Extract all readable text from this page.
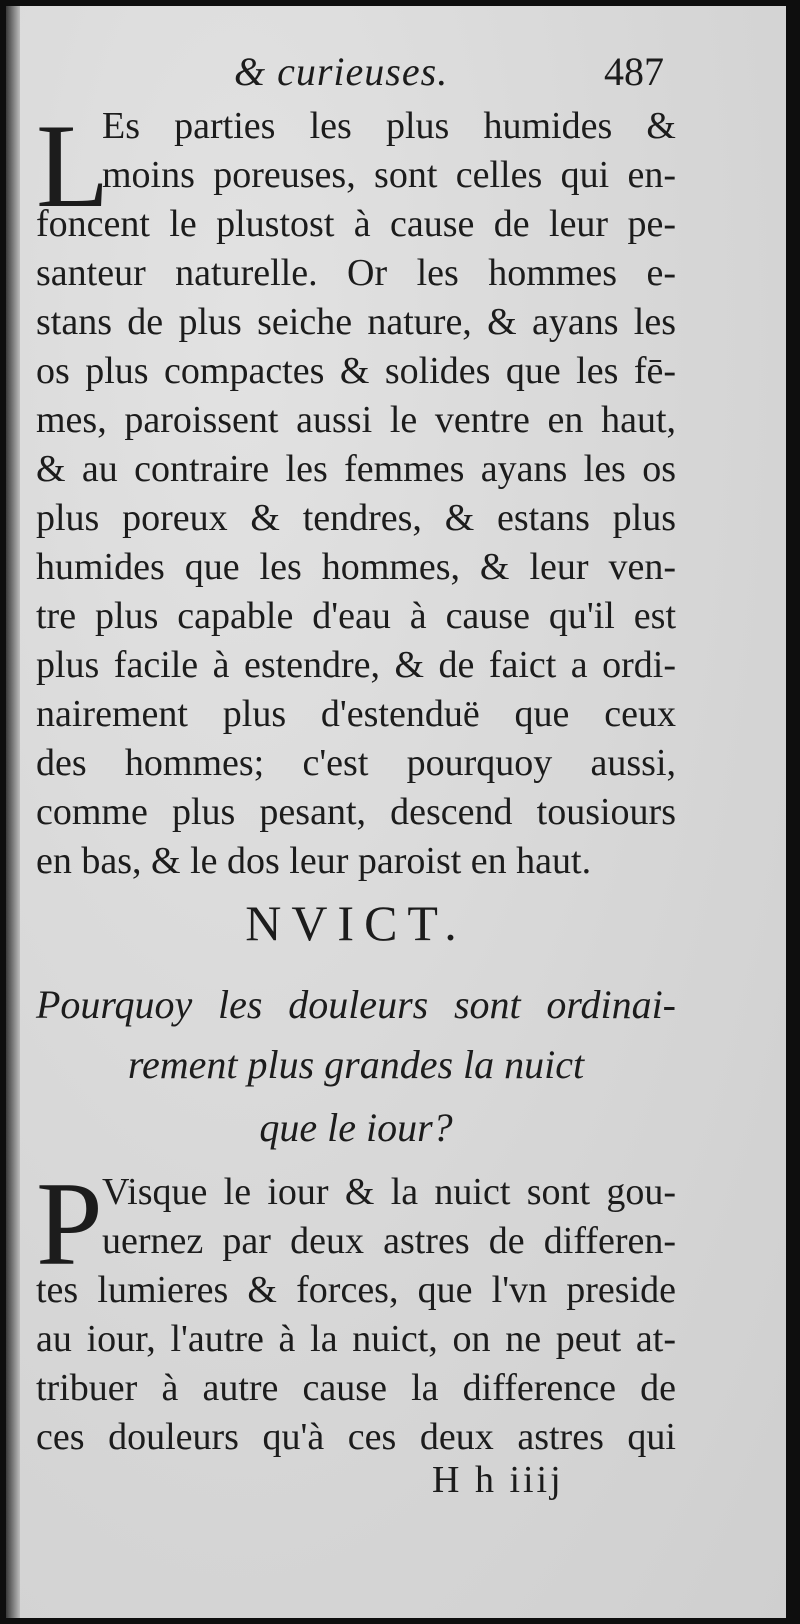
& curieuses.	487
L
Es parties les plus humides &
moins poreuses, sont celles qui en-
foncent le plustost à cause de leur pe-
santeur naturelle. Or les hommes e-
stans de plus seiche nature, & ayans les
os plus compactes & solides que les fē-
mes, paroissent aussi le ventre en haut,
& au contraire les femmes ayans les os
plus poreux & tendres, & estans plus
humides que les hommes, & leur ven-
tre plus capable d'eau à cause qu'il est
plus facile à estendre, & de faict a ordi-
nairement plus d'estenduë que ceux
des hommes; c'est pourquoy aussi,
comme plus pesant, descend tousiours
en bas, & le dos leur paroist en haut.
NVICT.
Pourquoy les douleurs sont ordinai-
rement plus grandes la nuict
que le iour?
P Visque le iour & la nuict sont gou-
uernez par deux astres de differen-
tes lumieres & forces, que l'vn preside
au iour, l'autre à la nuict, on ne peut at-
tribuer à autre cause la difference de
ces douleurs qu'à ces deux astres qui
H h iiij
